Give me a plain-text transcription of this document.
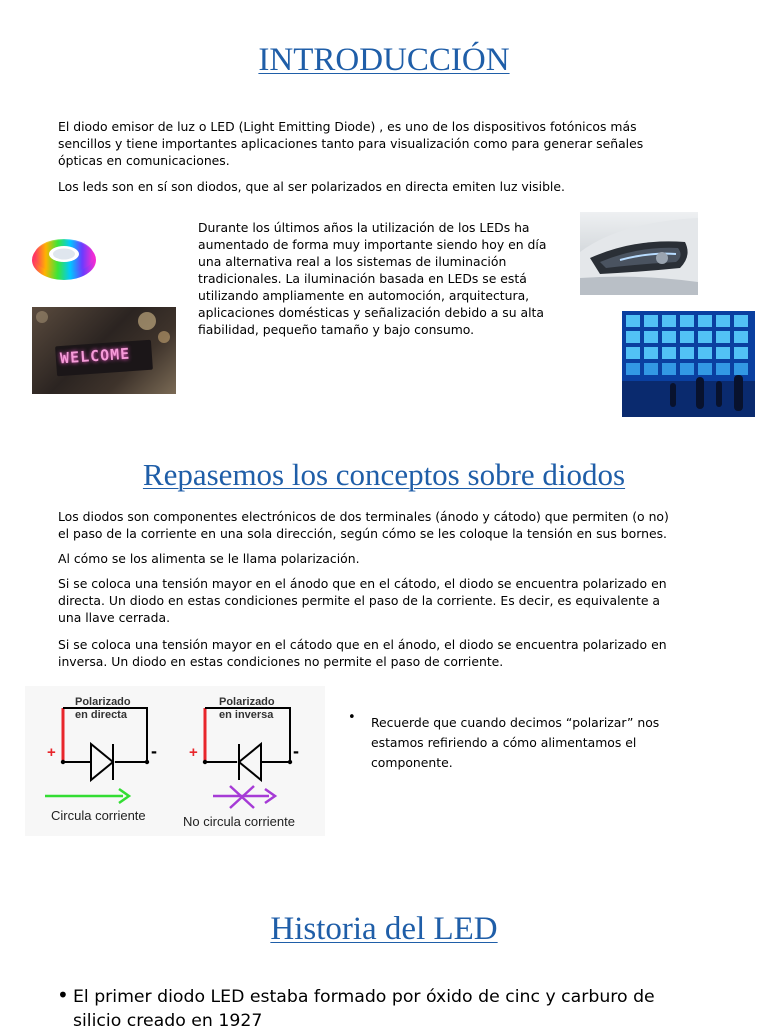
INTRODUCCIÓN

El diodo emisor de luz o LED (Light Emitting Diode) , es uno de los dispositivos fotónicos más
sencillos y tiene importantes aplicaciones tanto para visualización como para generar señales
ópticas en comunicaciones.

Los leds son en sí son diodos, que al ser polarizados en directa emiten luz visible.

WELCOME

Durante los últimos años la utilización de los LEDs ha
aumentado de forma muy importante siendo hoy en día
una alternativa real a los sistemas de iluminación
tradicionales. La iluminación basada en LEDs se está
utilizando ampliamente en automoción, arquitectura,
aplicaciones domésticas y señalización debido a su alta
fiabilidad, pequeño tamaño y bajo consumo.

Repasemos los conceptos sobre diodos

Los diodos son componentes electrónicos de dos terminales (ánodo y cátodo) que permiten (o no)
el paso de la corriente en una sola dirección, según cómo se les coloque la tensión en sus bornes.

Al cómo se los alimenta se le llama polarización.

Si se coloca una tensión mayor en el ánodo que en el cátodo, el diodo se encuentra polarizado en
directa. Un diodo en estas condiciones permite el paso de la corriente. Es decir, es equivalente a
una llave cerrada.

Si se coloca una tensión mayor en el cátodo que en el ánodo, el diodo se encuentra polarizado en
inversa. Un diodo en estas condiciones no permite el paso de corriente.

Polarizado
en directa
+	-
Circula corriente
Polarizado
en inversa
+	-
No circula corriente
• Recuerde que cuando decimos “polarizar” nos
estamos refiriendo a cómo alimentamos el
componente.

Historia del LED
• El primer diodo LED estaba formado por óxido de cinc y carburo de
silicio creado en 1927
